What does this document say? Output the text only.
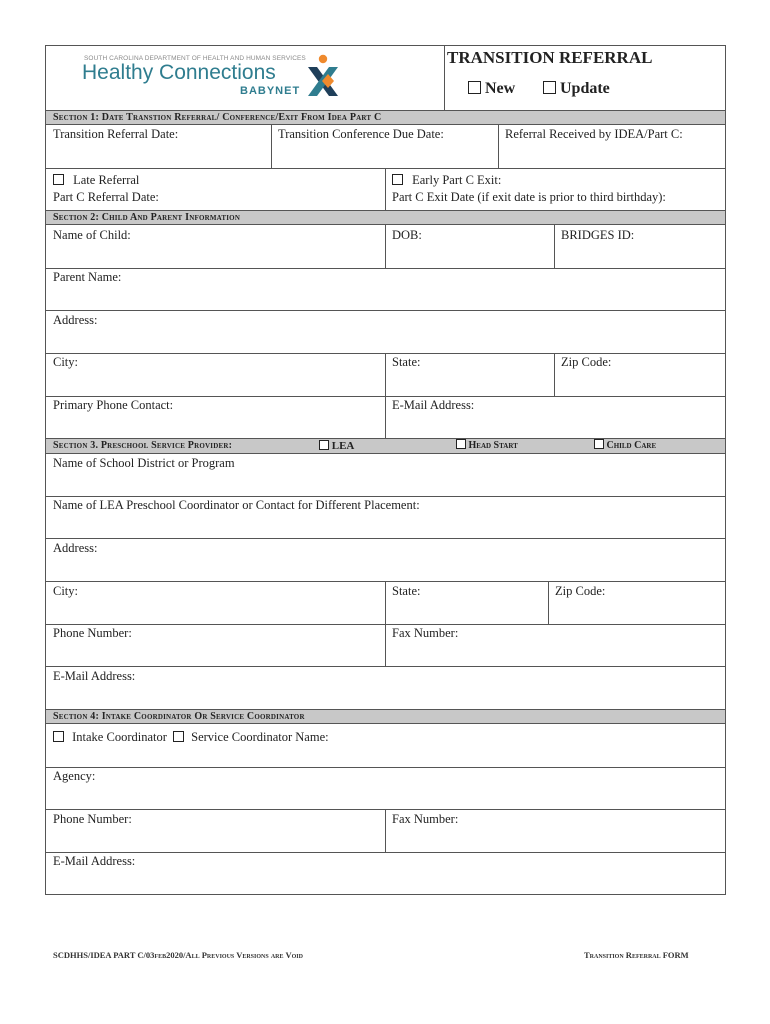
SOUTH CAROLINA DEPARTMENT OF HEALTH AND HUMAN SERVICES
Healthy Connections
BABYNET
TRANSITION REFERRAL
New	Update
Section 1: Date Transtion Referral/ Conference/Exit From Idea Part C
Transition Referral Date:	Transition Conference Due Date:	Referral Received by IDEA/Part C:
Late Referral
Part C Referral Date:
Early Part C Exit:
Part C Exit Date (if exit date is prior to third birthday):
Section 2: Child And Parent Information
Name of Child:	DOB:	BRIDGES ID:
Parent Name:
Address:
City:	State:	Zip Code:
Primary Phone Contact:	E-Mail Address:
Section 3. Preschool Service Provider:	LEA	Head Start	Child Care
Name of School District or Program
Name of LEA Preschool Coordinator or Contact for Different Placement:
Address:
City:	State:	Zip Code:
Phone Number:	Fax Number:
E-Mail Address:
Section 4: Intake Coordinator Or Service Coordinator
Intake Coordinator Service Coordinator Name:
Agency:
Phone Number:	Fax Number:
E-Mail Address:
SCDHHS/IDEA PART C/03feb2020/All Previous Versions are Void	Transition Referral FORM
